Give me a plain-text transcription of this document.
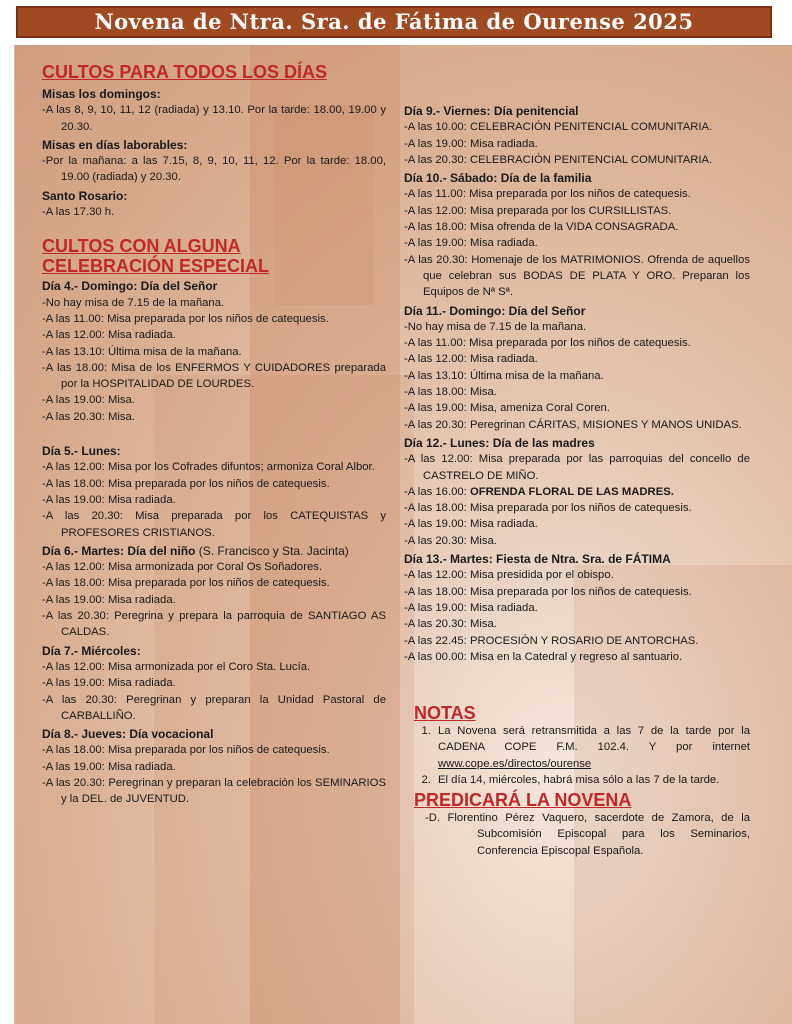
Novena de Ntra. Sra. de Fátima de Ourense 2025
CULTOS PARA TODOS LOS DÍAS
Misas los domingos:
-A las 8, 9, 10, 11, 12 (radiada) y 13.10. Por la tarde: 18.00, 19.00 y 20.30.
Misas en días laborables:
-Por la mañana: a las 7.15, 8, 9, 10, 11, 12. Por la tarde: 18.00, 19.00 (radiada) y 20.30.
Santo Rosario:
-A las 17.30 h.
CULTOS CON ALGUNA CELEBRACIÓN ESPECIAL
Día 4.- Domingo: Día del Señor
-No hay misa de 7.15 de la mañana.
-A las 11.00: Misa preparada por los niños de catequesis.
-A las 12.00: Misa radiada.
-A las 13.10: Última misa de la mañana.
-A las 18.00: Misa de los ENFERMOS Y CUIDADORES preparada por la HOSPITALIDAD DE LOURDES.
-A las 19.00: Misa.
-A las 20.30: Misa.
Día 5.- Lunes:
-A las 12.00: Misa por los Cofrades difuntos; armoniza Coral Albor.
-A las 18.00: Misa preparada por los niños de catequesis.
-A las 19.00: Misa radiada.
-A las 20.30: Misa preparada por los CATEQUISTAS y PROFESORES CRISTIANOS.
Día 6.- Martes: Día del niño (S. Francisco y Sta. Jacinta)
-A las 12.00: Misa armonizada por Coral Os Soñadores.
-A las 18.00: Misa preparada por los niños de catequesis.
-A las 19.00: Misa radiada.
-A las 20.30: Peregrina y prepara la parroquia de SANTIAGO AS CALDAS.
Día 7.- Miércoles:
-A las 12.00: Misa armonizada por el Coro Sta. Lucía.
-A las 19.00: Misa radiada.
-A las 20.30: Peregrinan y preparan la Unidad Pastoral de CARBALLIÑO.
Día 8.- Jueves: Día vocacional
-A las 18.00: Misa preparada por los niños de catequesis.
-A las 19.00: Misa radiada.
-A las 20.30: Peregrinan y preparan la celebración los SEMINARIOS y la DEL. de JUVENTUD.
Día 9.- Viernes: Día penitencial
-A las 10.00: CELEBRACIÓN PENITENCIAL COMUNITARIA.
-A las 19.00: Misa radiada.
-A las 20.30: CELEBRACIÓN PENITENCIAL COMUNITARIA.
Día 10.- Sábado: Día de la familia
-A las 11.00: Misa preparada por los niños de catequesis.
-A las 12.00: Misa preparada por los CURSILLISTAS.
-A las 18.00: Misa ofrenda de la VIDA CONSAGRADA.
-A las 19.00: Misa radiada.
-A las 20.30: Homenaje de los MATRIMONIOS. Ofrenda de aquellos que celebran sus BODAS DE PLATA Y ORO. Preparan los Equipos de Nª Sª.
Día 11.- Domingo: Día del Señor
-No hay misa de 7.15 de la mañana.
-A las 11.00: Misa preparada por los niños de catequesis.
-A las 12.00: Misa radiada.
-A las 13.10: Última misa de la mañana.
-A las 18.00: Misa.
-A las 19.00: Misa, ameniza Coral Coren.
-A las 20.30: Peregrinan CÁRITAS, MISIONES Y MANOS UNIDAS.
Día 12.- Lunes: Día de las madres
-A las 12.00: Misa preparada por las parroquias del concello de CASTRELO DE MIÑO.
-A las 16.00: OFRENDA FLORAL DE LAS MADRES.
-A las 18.00: Misa preparada por los niños de catequesis.
-A las 19.00: Misa radiada.
-A las 20.30: Misa.
Día 13.- Martes: Fiesta de Ntra. Sra. de FÁTIMA
-A las 12.00: Misa presidida por el obispo.
-A las 18.00: Misa preparada por los niños de catequesis.
-A las 19.00: Misa radiada.
-A las 20.30: Misa.
-A las 22.45: PROCESIÓN Y ROSARIO DE ANTORCHAS.
-A las 00.00: Misa en la Catedral y regreso al santuario.
NOTAS
1. La Novena será retransmitida a las 7 de la tarde por la CADENA COPE F.M. 102.4. Y por internet www.cope.es/directos/ourense
2. El día 14, miércoles, habrá misa sólo a las 7 de la tarde.
PREDICARÁ LA NOVENA
-D. Florentino Pérez Vaquero, sacerdote de Zamora, de la Subcomisión Episcopal para los Seminarios, Conferencia Episcopal Española.
